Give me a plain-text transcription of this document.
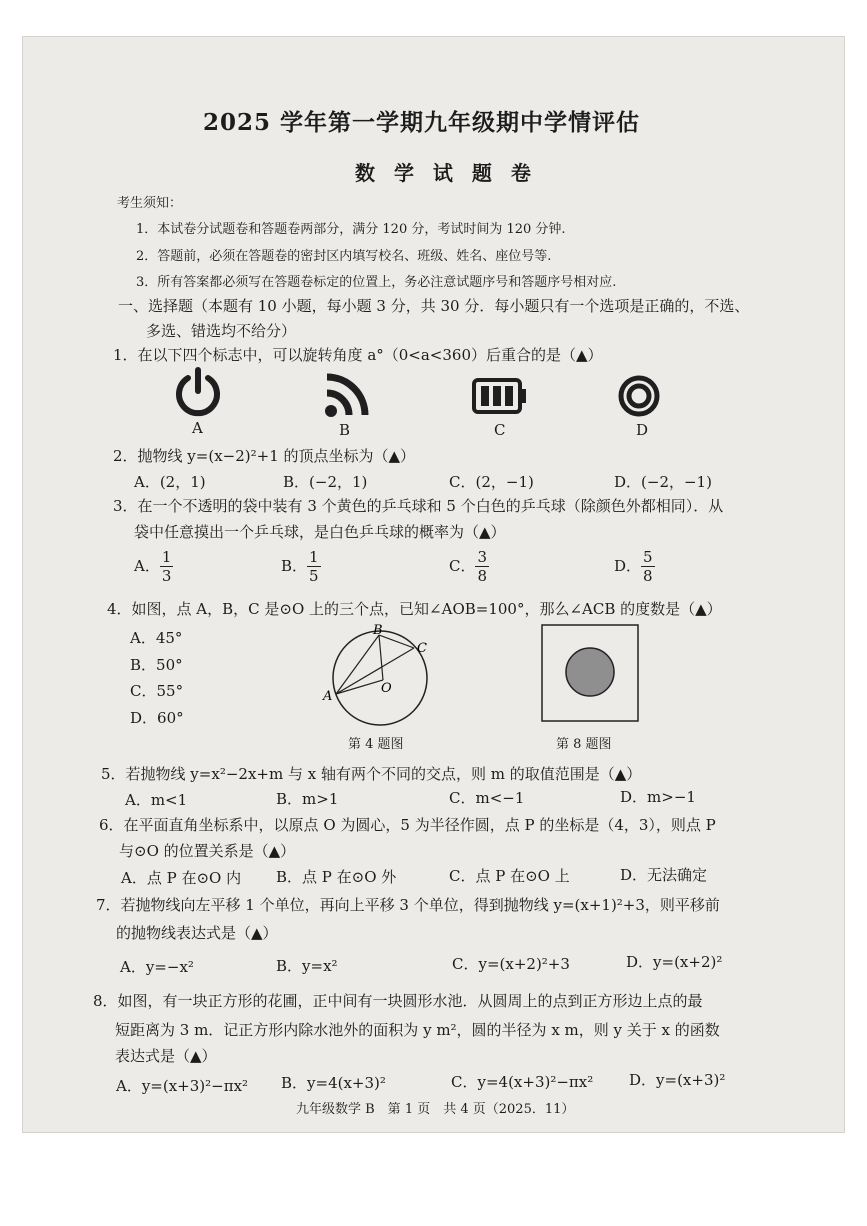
2025 学年第一学期九年级期中学情评估
数 学 试 题 卷
考生须知：
1．本试卷分试题卷和答题卷两部分，满分 120 分，考试时间为 120 分钟.
2．答题前，必须在答题卷的密封区内填写校名、班级、姓名、座位号等.
3．所有答案都必须写在答题卷标定的位置上，务必注意试题序号和答题序号相对应.
一、选择题（本题有 10 小题，每小题 3 分，共 30 分．每小题只有一个选项是正确的，不选、
多选、错选均不给分）
1．在以下四个标志中，可以旋转角度 a°（0<a<360）后重合的是（▲）
A	B	C	D
2．抛物线 y=(x−2)²+1 的顶点坐标为（▲）
A．(2，1)	B．(−2，1)	C．(2，−1)	D．(−2，−1)
3．在一个不透明的袋中装有 3 个黄色的乒乓球和 5 个白色的乒乓球（除颜色外都相同）．从
袋中任意摸出一个乒乓球，是白色乒乓球的概率为（▲）
A． $\frac{1}{3}$	B． $\frac{1}{5}$	C． $\frac{3}{8}$	D． $\frac{5}{8}$
4．如图，点 A，B，C 是⊙O 上的三个点，已知∠AOB=100°，那么∠ACB 的度数是（▲）
A．45°
B．50°
C．55°
D．60°
B
C
A
O
第 4 题图	第 8 题图
5．若抛物线 y=x²−2x+m 与 x 轴有两个不同的交点，则 m 的取值范围是（▲）
A．m<1	B．m>1	C．m<−1	D．m>−1
6．在平面直角坐标系中，以原点 O 为圆心，5 为半径作圆，点 P 的坐标是（4，3），则点 P
与⊙O 的位置关系是（▲）
A．点 P 在⊙O 内 B．点 P 在⊙O 外	C．点 P 在⊙O 上	D．无法确定
7．若抛物线向左平移 1 个单位，再向上平移 3 个单位，得到抛物线 y=(x+1)²+3，则平移前
的抛物线表达式是（▲）
A．y=−x²	B．y=x²	C．y=(x+2)²+3	D．y=(x+2)²
8．如图，有一块正方形的花圃，正中间有一块圆形水池．从圆周上的点到正方形边上点的最
短距离为 3 m．记正方形内除水池外的面积为 y m²，圆的半径为 x m，则 y 关于 x 的函数
表达式是（▲）
A．y=(x+3)²−πx² B．y=4(x+3)²	C．y=4(x+3)²−πx² D．y=(x+3)²
九年级数学 B　第 1 页　共 4 页（2025．11）
